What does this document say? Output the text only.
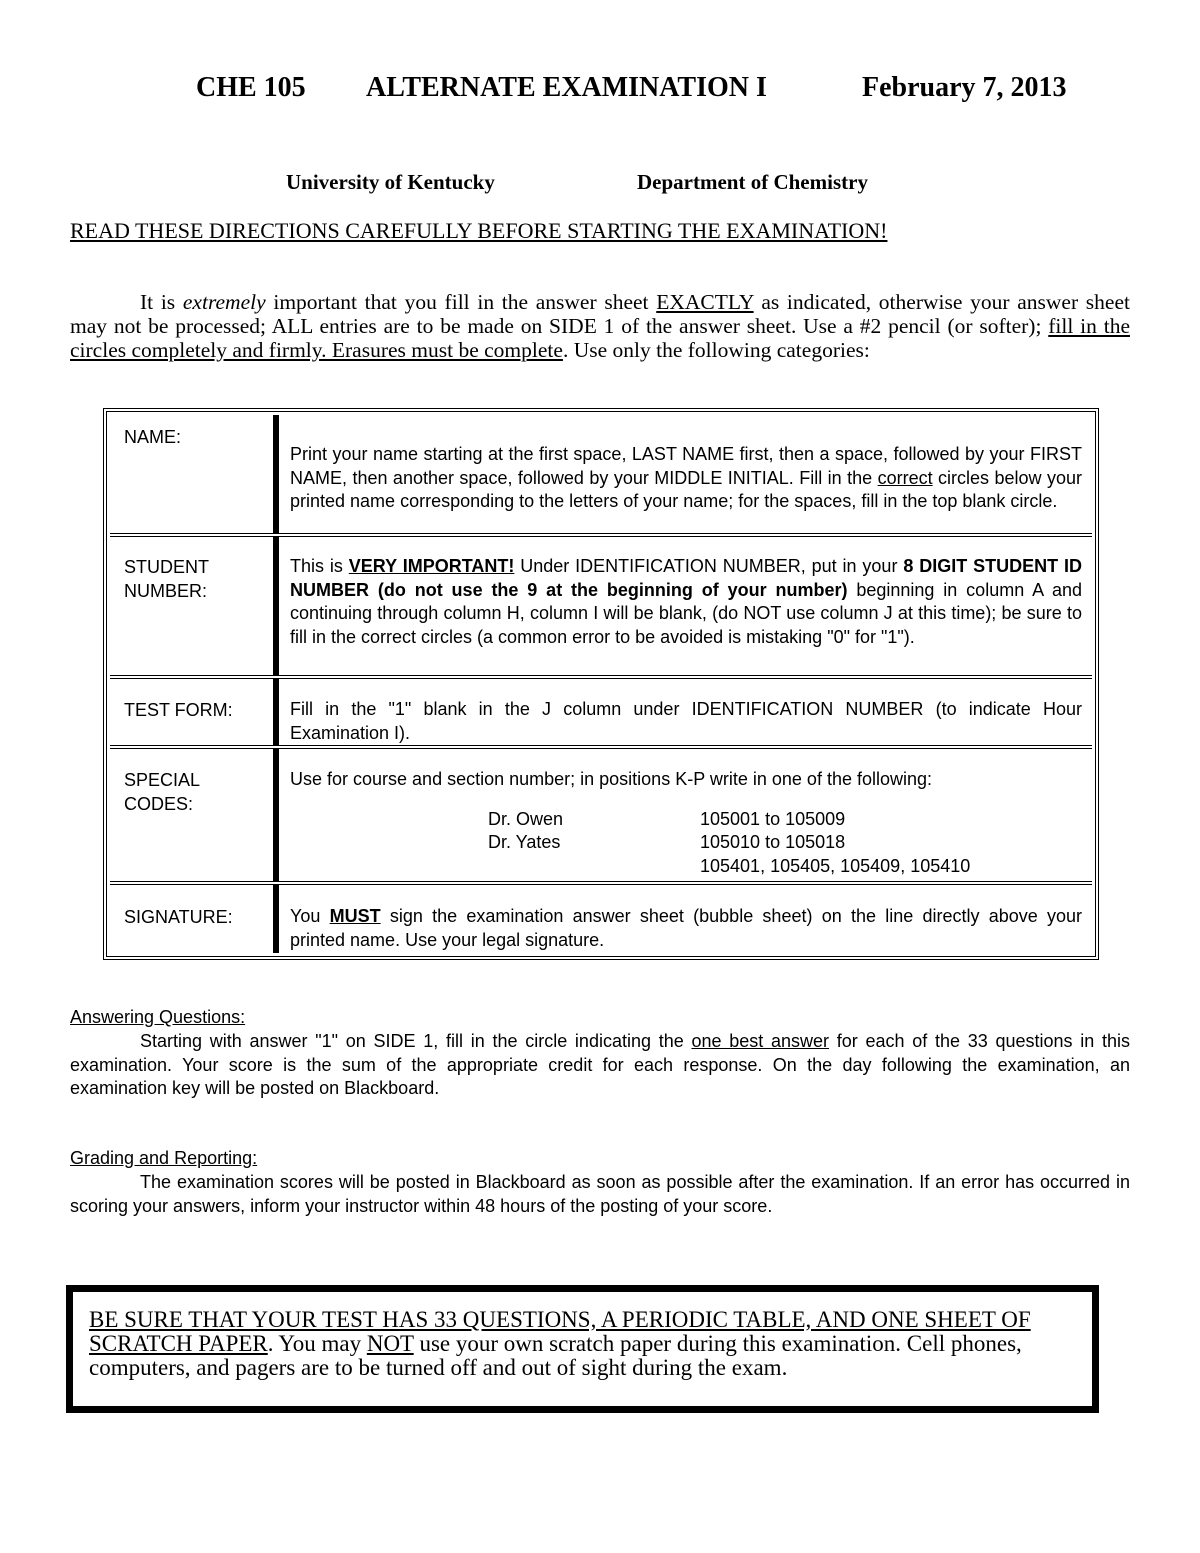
CHE 105 ALTERNATE EXAMINATION I	February 7, 2013
University of Kentucky	Department of Chemistry
READ THESE DIRECTIONS CAREFULLY BEFORE STARTING THE EXAMINATION!
It is extremely important that you fill in the answer sheet EXACTLY as indicated, otherwise your answer sheet may not be processed; ALL entries are to be made on SIDE 1 of the answer sheet. Use a #2 pencil (or softer); fill in the circles completely and firmly. Erasures must be complete. Use only the following categories:
NAME:
Print your name starting at the first space, LAST NAME first, then a space, followed by your FIRST NAME, then another space, followed by your MIDDLE INITIAL. Fill in the correct circles below your printed name corresponding to the letters of your name; for the spaces, fill in the top blank circle.
STUDENT NUMBER:
This is VERY IMPORTANT! Under IDENTIFICATION NUMBER, put in your 8 DIGIT STUDENT ID NUMBER (do not use the 9 at the beginning of your number) beginning in column A and continuing through column H, column I will be blank, (do NOT use column J at this time); be sure to fill in the correct circles (a common error to be avoided is mistaking "0" for "1").
TEST FORM:	Fill in the "1" blank in the J column under IDENTIFICATION NUMBER (to indicate Hour Examination I).
SPECIAL CODES:
Use for course and section number; in positions K-P write in one of the following:
Dr. Owen	105001 to 105009
Dr. Yates	105010 to 105018
105401, 105405, 105409, 105410
SIGNATURE:	You MUST sign the examination answer sheet (bubble sheet) on the line directly above your printed name. Use your legal signature.
Answering Questions:
Starting with answer "1" on SIDE 1, fill in the circle indicating the one best answer for each of the 33 questions in this examination. Your score is the sum of the appropriate credit for each response. On the day following the examination, an examination key will be posted on Blackboard.
Grading and Reporting:
The examination scores will be posted in Blackboard as soon as possible after the examination. If an error has occurred in scoring your answers, inform your instructor within 48 hours of the posting of your score.
BE SURE THAT YOUR TEST HAS 33 QUESTIONS, A PERIODIC TABLE, AND ONE SHEET OF SCRATCH PAPER. You may NOT use your own scratch paper during this examination. Cell phones, computers, and pagers are to be turned off and out of sight during the exam.
